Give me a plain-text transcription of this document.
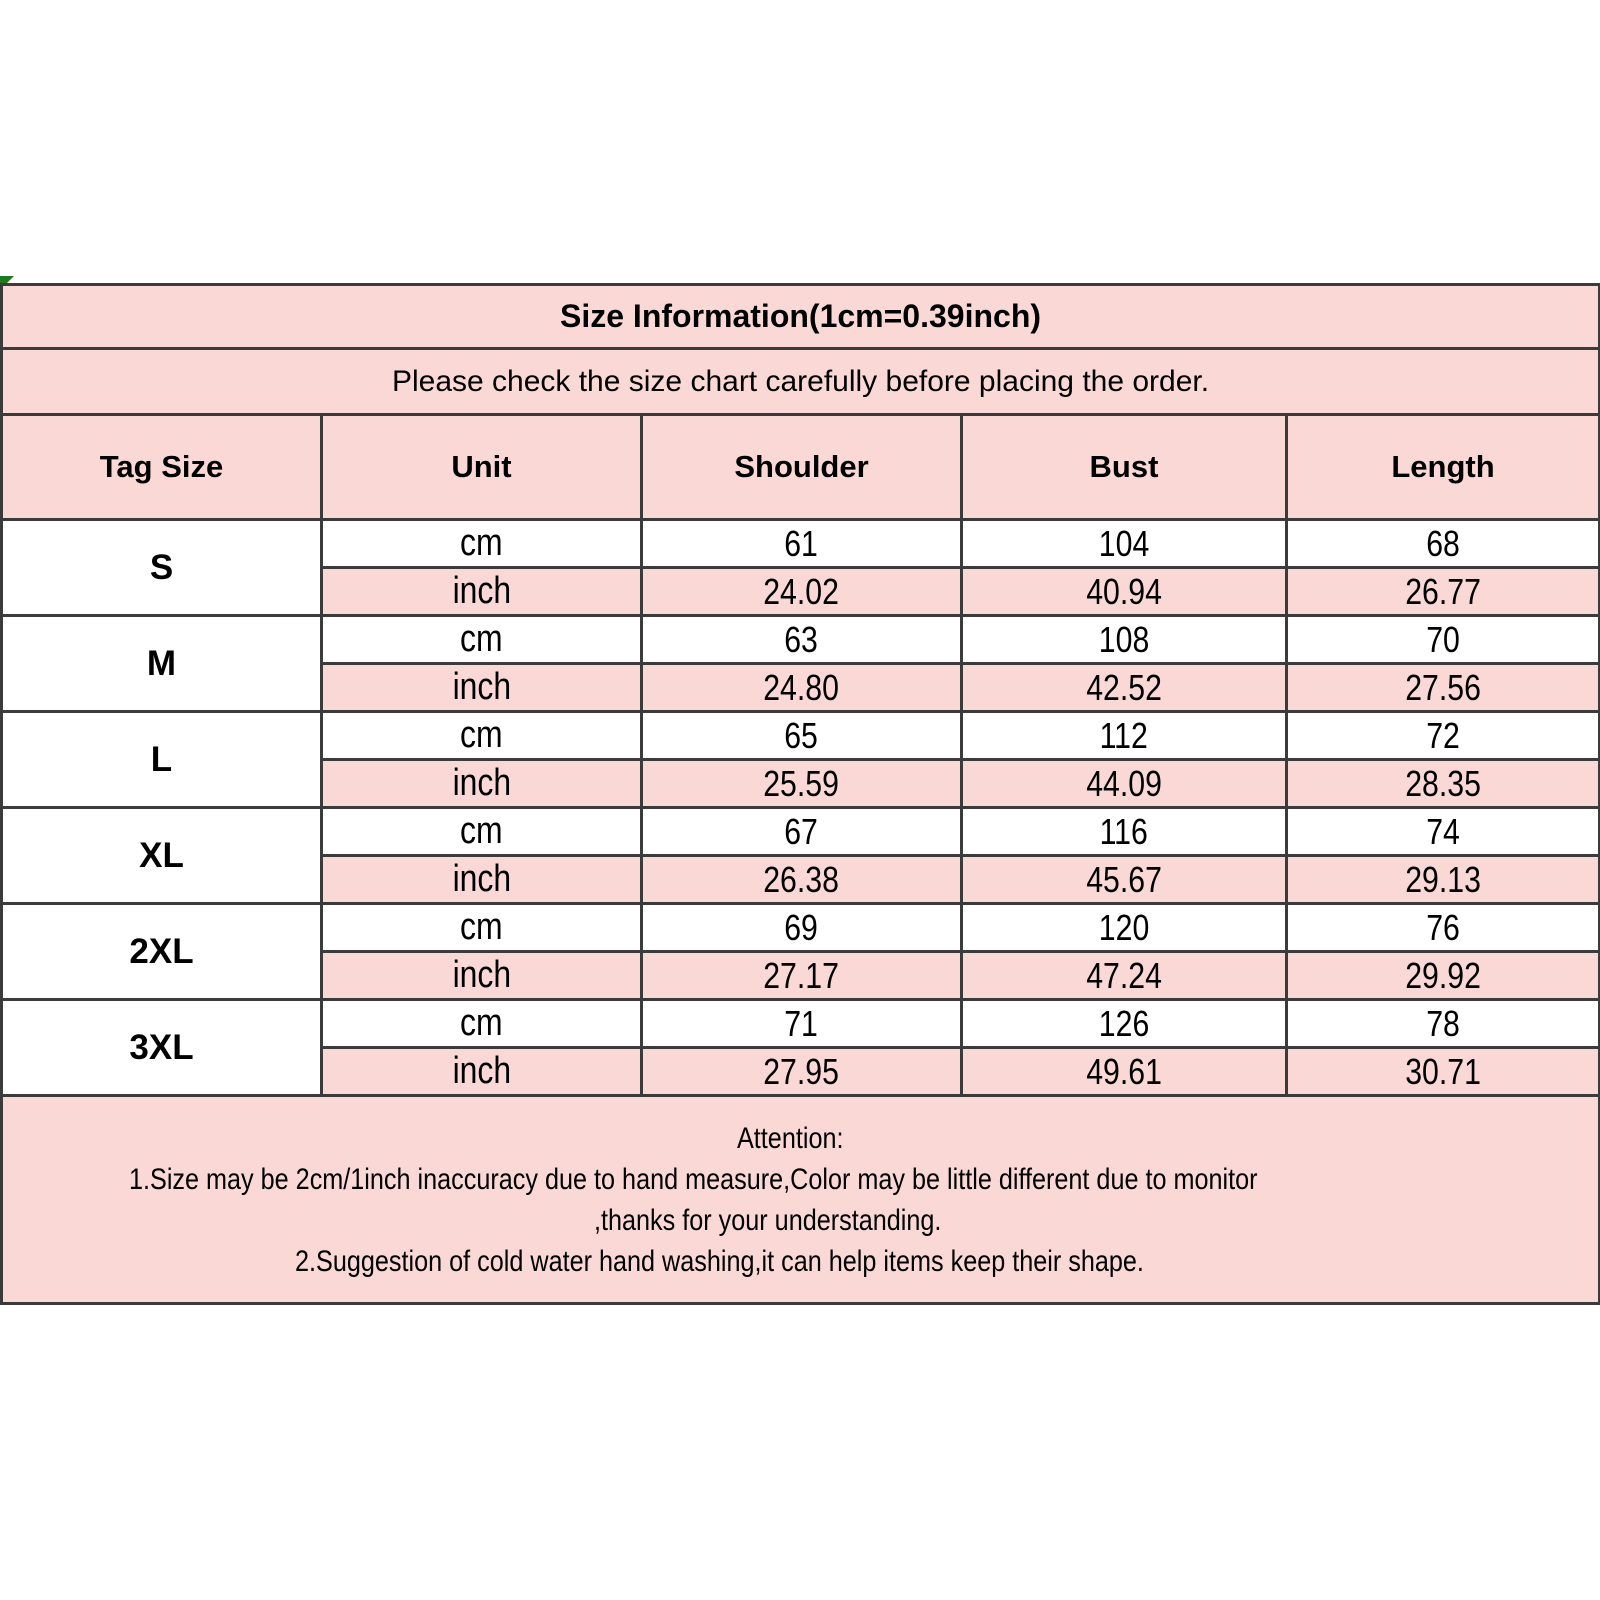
Size Information(1cm=0.39inch)				
Please check the size chart carefully before placing the order.				
Tag Size	Unit	Shoulder	Bust	Length
S	cm	61	104	68
	inch	24.02	40.94	26.77
M	cm	63	108	70
	inch	24.80	42.52	27.56
L	cm	65	112	72
	inch	25.59	44.09	28.35
XL	cm	67	116	74
	inch	26.38	45.67	29.13
2XL	cm	69	120	76
	inch	27.17	47.24	29.92
3XL	cm	71	126	78
	inch	27.95	49.61	30.71

Attention:
1.Size may be 2cm/1inch inaccuracy due to hand measure,Color may be little different due to monitor
,thanks for your understanding.
2.Suggestion of cold water hand washing,it can help items keep their shape.				
